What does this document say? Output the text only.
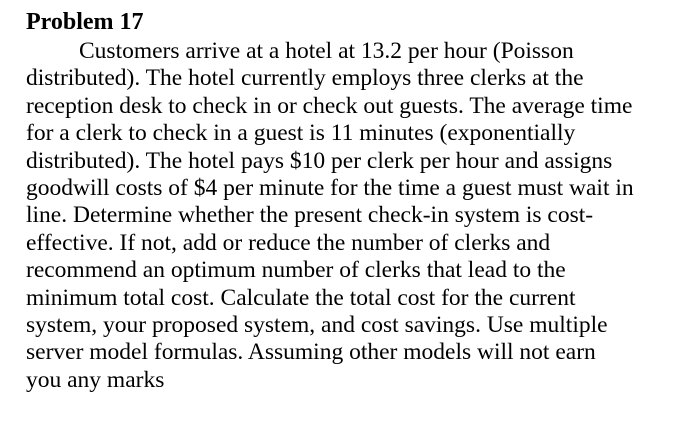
Problem 17
Customers arrive at a hotel at 13.2 per hour (Poisson
distributed). The hotel currently employs three clerks at the
reception desk to check in or check out guests. The average time
for a clerk to check in a guest is 11 minutes (exponentially
distributed). The hotel pays $10 per clerk per hour and assigns
goodwill costs of $4 per minute for the time a guest must wait in
line. Determine whether the present check-in system is cost-
effective. If not, add or reduce the number of clerks and
recommend an optimum number of clerks that lead to the
minimum total cost. Calculate the total cost for the current
system, your proposed system, and cost savings. Use multiple
server model formulas. Assuming other models will not earn
you any marks
